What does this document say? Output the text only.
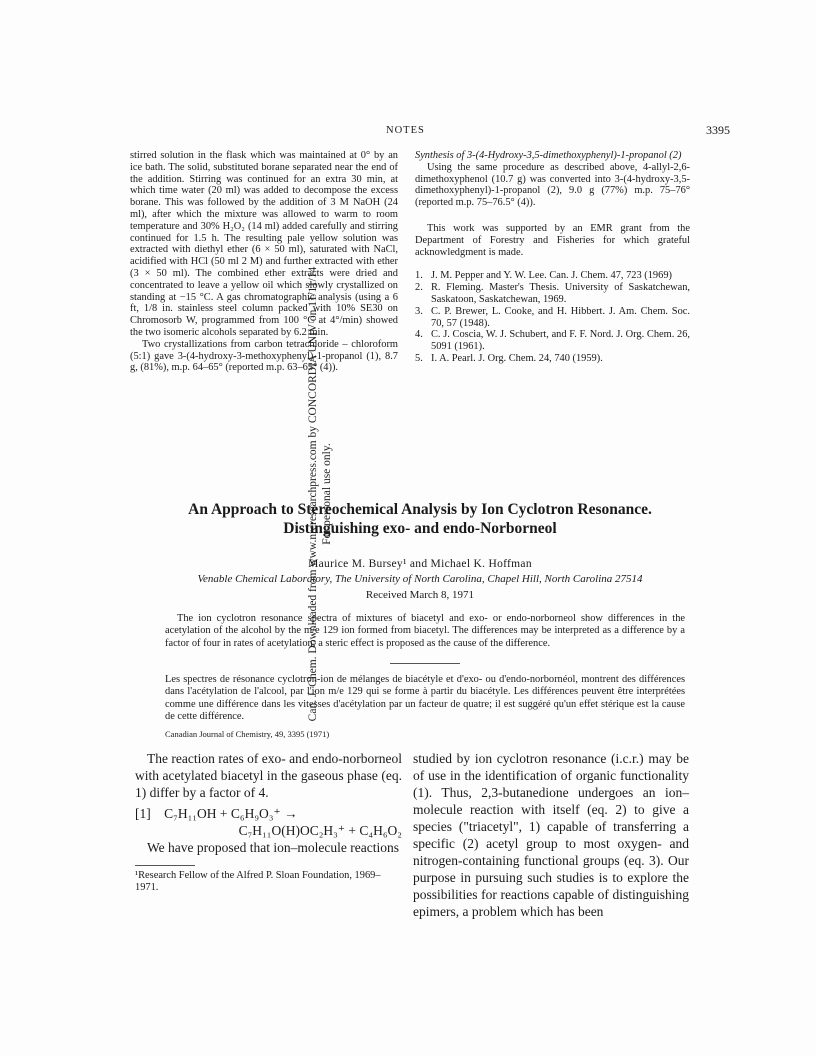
Can. J. Chem. Downloaded from www.nrcresearchpress.com by CONCORDIA UNIV on 11/11/14 For personal use only.
NOTES	3395

stirred solution in the flask which was maintained at 0° by an ice bath. The solid, substituted borane separated near the end of the addition. Stirring was continued for an extra 30 min, at which time water (20 ml) was added to decompose the excess borane. This was followed by the addition of 3 M NaOH (24 ml), after which the mixture was allowed to warm to room temperature and 30% H₂O₂ (14 ml) added carefully and stirring continued for 1.5 h. The resulting pale yellow solution was extracted with diethyl ether (6 × 50 ml), saturated with NaCl, acidified with HCl (50 ml 2 M) and further extracted with ether (3 × 50 ml). The combined ether extracts were dried and concentrated to leave a yellow oil which slowly crystallized on standing at −15 °C. A gas chromatographic analysis (using a 6 ft, 1/8 in. stainless steel column packed with 10% SE30 on Chromosorb W, programmed from 100 °C at 4°/min) showed the two isomeric alcohols separated by 6.2 min.

Two crystallizations from carbon tetrachloride – chloroform (5:1) gave 3-(4-hydroxy-3-methoxyphenyl)-1-propanol (1), 8.7 g, (81%), m.p. 64–65° (reported m.p. 63–65° (4)).

Synthesis of 3-(4-Hydroxy-3,5-dimethoxyphenyl)-1-propanol (2)

Using the same procedure as described above, 4-allyl-2,6-dimethoxyphenol (10.7 g) was converted into 3-(4-hydroxy-3,5-dimethoxyphenyl)-1-propanol (2), 9.0 g (77%) m.p. 75–76° (reported m.p. 75–76.5° (4)).

This work was supported by an EMR grant from the Department of Forestry and Fisheries for which grateful acknowledgment is made.

1. J. M. Pepper and Y. W. Lee. Can. J. Chem. 47, 723 (1969)
2. R. Fleming. Master's Thesis. University of Saskatchewan, Saskatoon, Saskatchewan, 1969.
3. C. P. Brewer, L. Cooke, and H. Hibbert. J. Am. Chem. Soc. 70, 57 (1948).
4. C. J. Coscia, W. J. Schubert, and F. F. Nord. J. Org. Chem. 26, 5091 (1961).
5. I. A. Pearl. J. Org. Chem. 24, 740 (1959).
An Approach to Stereochemical Analysis by Ion Cyclotron Resonance.
Distinguishing exo- and endo-Norborneol
Maurice M. Bursey¹ and Michael K. Hoffman
Venable Chemical Laboratory, The University of North Carolina, Chapel Hill, North Carolina 27514
Received March 8, 1971
The ion cyclotron resonance spectra of mixtures of biacetyl and exo- or endo-norborneol show differences in the acetylation of the alcohol by the m/e 129 ion formed from biacetyl. The differences may be interpreted as a difference by a factor of four in rates of acetylation; a steric effect is proposed as the cause of the difference.
Les spectres de résonance cyclotron-ion de mélanges de biacétyle et d'exo- ou d'endo-norbornéol, montrent des différences dans l'acétylation de l'alcool, par l'ion m/e 129 qui se forme à partir du biacétyle. Les différences peuvent être interprétées comme une différence dans les vitesses d'acétylation par un facteur de quatre; il est suggéré qu'un effet stérique est la cause de cette différence.
Canadian Journal of Chemistry, 49, 3395 (1971)
The reaction rates of exo- and endo-norborneol with acetylated biacetyl in the gaseous phase (eq. 1) differ by a factor of 4.
[1] C₇H₁₁OH + C₆H₉O₃⁺ →
C₇H₁₁O(H)OC₂H₃⁺ + C₄H₆O₂
We have proposed that ion–molecule reactions
¹Research Fellow of the Alfred P. Sloan Foundation, 1969–1971.
studied by ion cyclotron resonance (i.c.r.) may be of use in the identification of organic functionality (1). Thus, 2,3-butanedione undergoes an ion–molecule reaction with itself (eq. 2) to give a species ("triacetyl", 1) capable of transferring a specific (2) acetyl group to most oxygen- and nitrogen-containing functional groups (eq. 3). Our purpose in pursuing such studies is to explore the possibilities for reactions capable of distinguishing epimers, a problem which has been
